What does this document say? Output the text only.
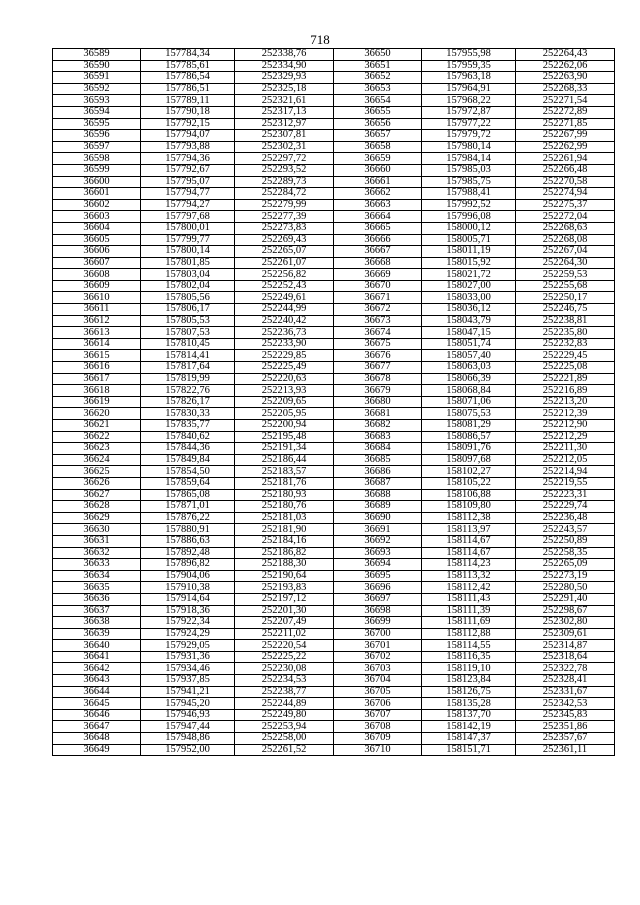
718
36589	157784,34	252338,76	36650	157955,98	252264,43
36590	157785,61	252334,90	36651	157959,35	252262,06
36591	157786,54	252329,93	36652	157963,18	252263,90
36592	157786,51	252325,18	36653	157964,91	252268,33
36593	157789,11	252321,61	36654	157968,22	252271,54
36594	157790,18	252317,13	36655	157972,87	252272,89
36595	157792,15	252312,97	36656	157977,22	252271,85
36596	157794,07	252307,81	36657	157979,72	252267,99
36597	157793,88	252302,31	36658	157980,14	252262,99
36598	157794,36	252297,72	36659	157984,14	252261,94
36599	157792,67	252293,52	36660	157985,03	252266,48
36600	157795,07	252289,73	36661	157985,75	252270,58
36601	157794,77	252284,72	36662	157988,41	252274,94
36602	157794,27	252279,99	36663	157992,52	252275,37
36603	157797,68	252277,39	36664	157996,08	252272,04
36604	157800,01	252273,83	36665	158000,12	252268,63
36605	157799,77	252269,43	36666	158005,71	252268,08
36606	157800,14	252265,07	36667	158011,19	252267,04
36607	157801,85	252261,07	36668	158015,92	252264,30
36608	157803,04	252256,82	36669	158021,72	252259,53
36609	157802,04	252252,43	36670	158027,00	252255,68
36610	157805,56	252249,61	36671	158033,00	252250,17
36611	157806,17	252244,99	36672	158036,12	252246,75
36612	157805,53	252240,42	36673	158043,79	252238,81
36613	157807,53	252236,73	36674	158047,15	252235,80
36614	157810,45	252233,90	36675	158051,74	252232,83
36615	157814,41	252229,85	36676	158057,40	252229,45
36616	157817,64	252225,49	36677	158063,03	252225,08
36617	157819,99	252220,63	36678	158066,39	252221,89
36618	157822,76	252213,93	36679	158068,84	252216,89
36619	157826,17	252209,65	36680	158071,06	252213,20
36620	157830,33	252205,95	36681	158075,53	252212,39
36621	157835,77	252200,94	36682	158081,29	252212,90
36622	157840,62	252195,48	36683	158086,57	252212,29
36623	157844,36	252191,34	36684	158091,76	252211,30
36624	157849,84	252186,44	36685	158097,68	252212,05
36625	157854,50	252183,57	36686	158102,27	252214,94
36626	157859,64	252181,76	36687	158105,22	252219,55
36627	157865,08	252180,93	36688	158106,88	252223,31
36628	157871,01	252180,76	36689	158109,80	252229,74
36629	157876,22	252181,03	36690	158112,38	252236,48
36630	157880,91	252181,90	36691	158113,97	252243,57
36631	157886,63	252184,16	36692	158114,67	252250,89
36632	157892,48	252186,82	36693	158114,67	252258,35
36633	157896,82	252188,30	36694	158114,23	252265,09
36634	157904,06	252190,64	36695	158113,32	252273,19
36635	157910,38	252193,83	36696	158112,42	252280,50
36636	157914,64	252197,12	36697	158111,43	252291,40
36637	157918,36	252201,30	36698	158111,39	252298,67
36638	157922,34	252207,49	36699	158111,69	252302,80
36639	157924,29	252211,02	36700	158112,88	252309,61
36640	157929,05	252220,54	36701	158114,55	252314,87
36641	157931,36	252225,22	36702	158116,35	252318,64
36642	157934,46	252230,08	36703	158119,10	252322,78
36643	157937,85	252234,53	36704	158123,84	252328,41
36644	157941,21	252238,77	36705	158126,75	252331,67
36645	157945,20	252244,89	36706	158135,28	252342,53
36646	157946,93	252249,80	36707	158137,70	252345,83
36647	157947,44	252253,94	36708	158142,19	252351,86
36648	157948,86	252258,00	36709	158147,37	252357,67
36649	157952,00	252261,52	36710	158151,71	252361,11
